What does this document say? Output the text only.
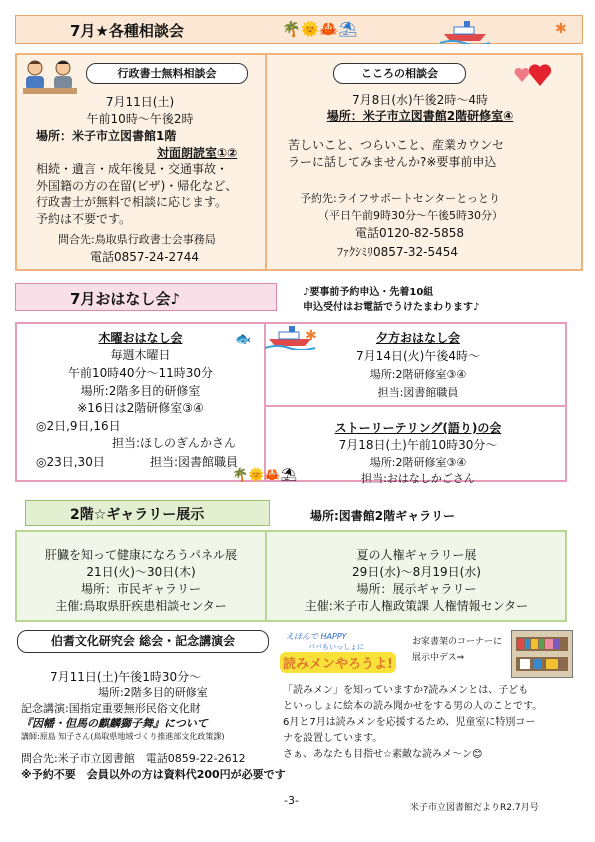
7月★各種相談会	🌴🌞🦀⛱	✱
行政書士無料相談会
7月11日(土)
午前10時〜午後2時
場所：米子市立図書館1階
対面朗読室①②
相続・遺言・成年後見・交通事故・
外国籍の方の在留(ビザ)・帰化など、
行政書士が無料で相談に応じます。
予約は不要です。
問合先:鳥取県行政書士会事務局
電話0857-24-2744
こころの相談会
7月8日(水)午後2時〜4時
場所：米子市立図書館2階研修室④
苦しいこと、つらいこと、産業カウンセ
ラーに話してみませんか?※要事前申込
予約先:ライフサポートセンターとっとり
（平日午前9時30分〜午後5時30分）
電話0120-82-5858
ﾌｧｸｼﾐﾘ0857-32-5454
7月おはなし会♪	♪要事前予約申込・先着10組
申込受付はお電話でうけたまわります♪
🐟	✱
木曜おはなし会
毎週木曜日
午前10時40分〜11時30分
場所:2階多目的研修室
※16日は2階研修室③④
◎2日,9日,16日
担当:ほしのぎんかさん
◎23日,30日	担当:図書館職員
夕方おはなし会
7月14日(火)午後4時〜
場所:2階研修室③④
担当:図書館職員
ストーリーテリング(語り)の会
7月18日(土)午前10時30分〜
場所:2階研修室③④
担当:おはなしかごさん
🌴🌞🦀⛱
2階☆ギャラリー展示	場所:図書館2階ギャラリー
肝臓を知って健康になろうパネル展
21日(火)〜30日(木)
場所：市民ギャラリー
主催:鳥取県肝疾患相談センター
夏の人権ギャラリー展
29日(水)〜8月19日(水)
場所：展示ギャラリー
主催:米子市人権政策課 人権情報センター
伯耆文化研究会 総会・記念講演会
7月11日(土)午後1時30分〜
場所:2階多目的研修室
記念講演:国指定重要無形民俗文化財
『因幡・但馬の麒麟獅子舞』について
講師:原島 知子さん(鳥取県地域づくり推進部文化政策課)
問合先:米子市立図書館　電話0859-22-2612
※予約不要　会員以外の方は資料代200円が必要です
えほんで HAPPY
パパもいっしょに
読みメンやろうよ!
お家書架のコーナーに
展示中デス⇒
「読みメン」を知っていますか?読みメンとは、子ども
といっしょに絵本の読み聞かせをする男の人のことです。
6月と7月は読みメンを応援するため、児童室に特別コー
ナを設置しています。
さぁ、あなたも目指せ☆素敵な読みメ〜ン😊
-3-
米子市立図書館だよりR2.7月号
